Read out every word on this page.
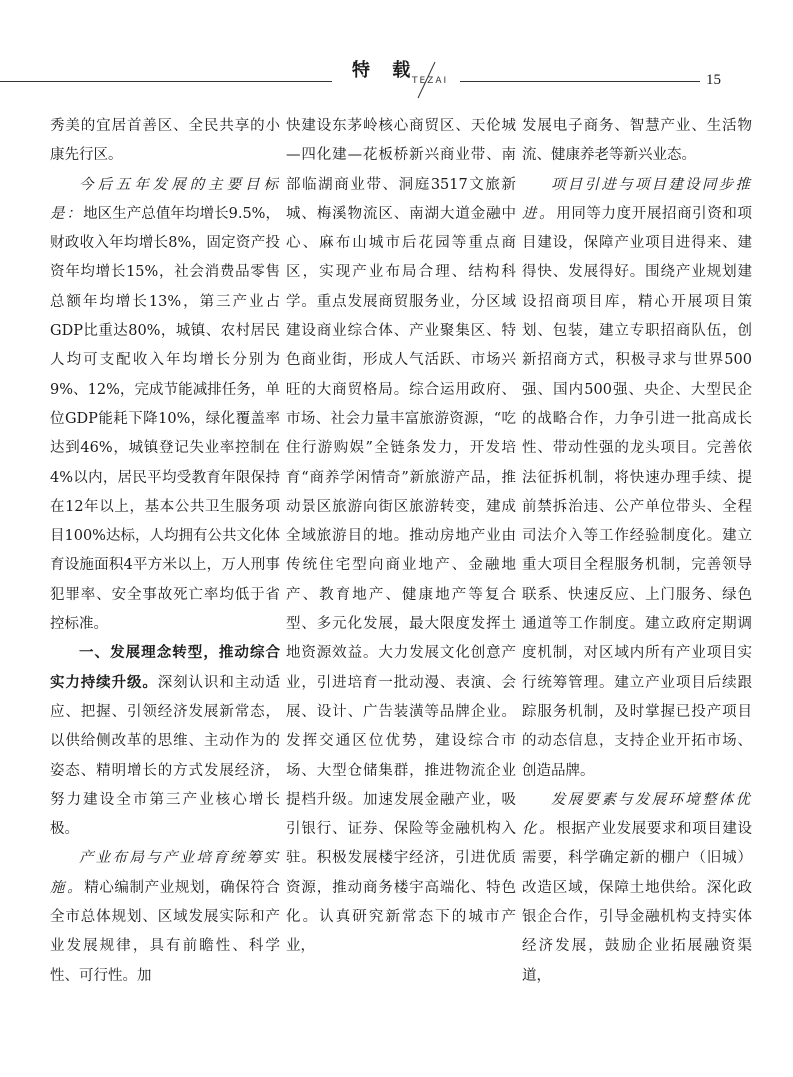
特 载
TEZAI	15

秀美的宜居首善区、全民共享的小康先行区。

今后五年发展的主要目标是：地区生产总值年均增长9.5%，财政收入年均增长8%，固定资产投资年均增长15%，社会消费品零售总额年均增长13%，第三产业占GDP比重达80%，城镇、农村居民人均可支配收入年均增长分别为9%、12%，完成节能减排任务，单位GDP能耗下降10%，绿化覆盖率达到46%，城镇登记失业率控制在4%以内，居民平均受教育年限保持在12年以上，基本公共卫生服务项目100%达标，人均拥有公共文化体育设施面积4平方米以上，万人刑事犯罪率、安全事故死亡率均低于省控标准。

一、发展理念转型，推动综合实力持续升级。深刻认识和主动适应、把握、引领经济发展新常态，以供给侧改革的思维、主动作为的姿态、精明增长的方式发展经济，努力建设全市第三产业核心增长极。

产业布局与产业培育统筹实施。精心编制产业规划，确保符合全市总体规划、区域发展实际和产业发展规律，具有前瞻性、科学性、可行性。加

快建设东茅岭核心商贸区、天伦城—四化建—花板桥新兴商业带、南部临湖商业带、洞庭3517文旅新城、梅溪物流区、南湖大道金融中心、麻布山城市后花园等重点商区，实现产业布局合理、结构科学。重点发展商贸服务业，分区域建设商业综合体、产业聚集区、特色商业街，形成人气活跃、市场兴旺的大商贸格局。综合运用政府、市场、社会力量丰富旅游资源，“吃住行游购娱”全链条发力，开发培育“商养学闲情奇”新旅游产品，推动景区旅游向街区旅游转变，建成全域旅游目的地。推动房地产业由传统住宅型向商业地产、金融地产、教育地产、健康地产等复合型、多元化发展，最大限度发挥土地资源效益。大力发展文化创意产业，引进培育一批动漫、表演、会展、设计、广告装潢等品牌企业。发挥交通区位优势，建设综合市场、大型仓储集群，推进物流企业提档升级。加速发展金融产业，吸引银行、证券、保险等金融机构入驻。积极发展楼宇经济，引进优质资源，推动商务楼宇高端化、特色化。认真研究新常态下的城市产业，

发展电子商务、智慧产业、生活物流、健康养老等新兴业态。

项目引进与项目建设同步推进。用同等力度开展招商引资和项目建设，保障产业项目进得来、建得快、发展得好。围绕产业规划建设招商项目库，精心开展项目策划、包装，建立专职招商队伍，创新招商方式，积极寻求与世界500强、国内500强、央企、大型民企的战略合作，力争引进一批高成长性、带动性强的龙头项目。完善依法征拆机制，将快速办理手续、提前禁拆治违、公产单位带头、全程司法介入等工作经验制度化。建立重大项目全程服务机制，完善领导联系、快速反应、上门服务、绿色通道等工作制度。建立政府定期调度机制，对区域内所有产业项目实行统筹管理。建立产业项目后续跟踪服务机制，及时掌握已投产项目的动态信息，支持企业开拓市场、创造品牌。

发展要素与发展环境整体优化。根据产业发展要求和项目建设需要，科学确定新的棚户（旧城）改造区域，保障土地供给。深化政银企合作，引导金融机构支持实体经济发展，鼓励企业拓展融资渠道，
